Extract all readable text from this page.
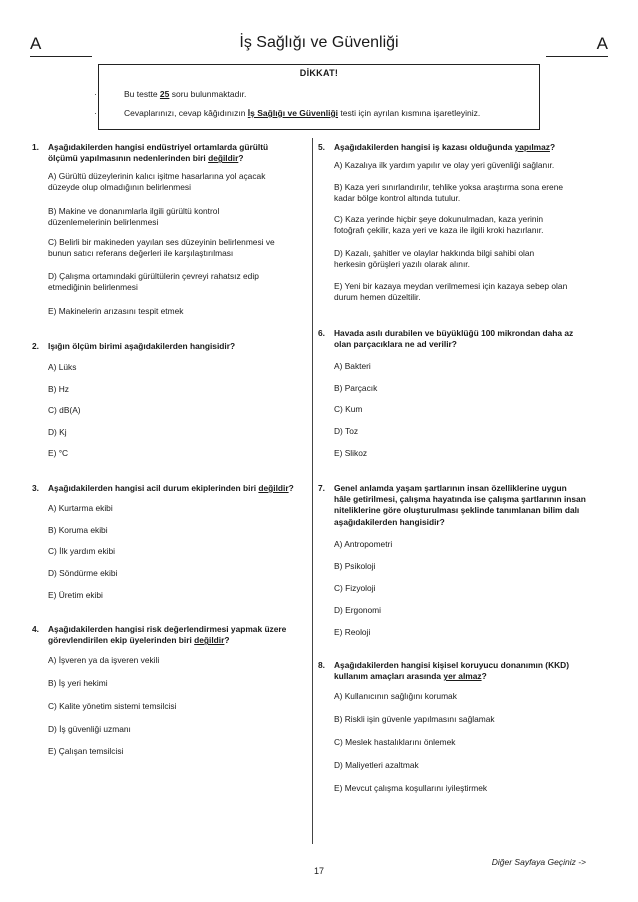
A	İş Sağlığı ve Güvenliği	A
DİKKAT!
·	Bu testte 25 soru bulunmaktadır.
·	Cevaplarınızı, cevap kâğıdınızın İş Sağlığı ve Güvenliği testi için ayrılan kısmına işaretleyiniz.
1. Aşağıdakilerden hangisi endüstriyel ortamlarda gürültü
ölçümü yapılmasının nedenlerinden biri değildir?
A) Gürültü düzeylerinin kalıcı işitme hasarlarına yol açacak
düzeyde olup olmadığının belirlenmesi
B) Makine ve donanımlarla ilgili gürültü kontrol
düzenlemelerinin belirlenmesi
C) Belirli bir makineden yayılan ses düzeyinin belirlenmesi ve
bunun satıcı referans değerleri ile karşılaştırılması
D) Çalışma ortamındaki gürültülerin çevreyi rahatsız edip
etmediğinin belirlenmesi
E) Makinelerin arızasını tespit etmek
2. Işığın ölçüm birimi aşağıdakilerden hangisidir?
A) Lüks
B) Hz
C) dB(A)
D) Kj
E) °C
3. Aşağıdakilerden hangisi acil durum ekiplerinden biri değildir?
A) Kurtarma ekibi
B) Koruma ekibi
C) İlk yardım ekibi
D) Söndürme ekibi
E) Üretim ekibi
4. Aşağıdakilerden hangisi risk değerlendirmesi yapmak üzere
görevlendirilen ekip üyelerinden biri değildir?
A) İşveren ya da işveren vekili
B) İş yeri hekimi
C) Kalite yönetim sistemi temsilcisi
D) İş güvenliği uzmanı
E) Çalışan temsilcisi
5. Aşağıdakilerden hangisi iş kazası olduğunda yapılmaz?
A) Kazalıya ilk yardım yapılır ve olay yeri güvenliği sağlanır.
B) Kaza yeri sınırlandırılır, tehlike yoksa araştırma sona erene
kadar bölge kontrol altında tutulur.
C) Kaza yerinde hiçbir şeye dokunulmadan, kaza yerinin
fotoğrafı çekilir, kaza yeri ve kaza ile ilgili kroki hazırlanır.
D) Kazalı, şahitler ve olaylar hakkında bilgi sahibi olan
herkesin görüşleri yazılı olarak alınır.
E) Yeni bir kazaya meydan verilmemesi için kazaya sebep olan
durum hemen düzeltilir.
6. Havada asılı durabilen ve büyüklüğü 100 mikrondan daha az
olan parçacıklara ne ad verilir?
A) Bakteri
B) Parçacık
C) Kum
D) Toz
E) Slikoz
7. Genel anlamda yaşam şartlarının insan özelliklerine uygun
hâle getirilmesi, çalışma hayatında ise çalışma şartlarının insan
niteliklerine göre oluşturulması şeklinde tanımlanan bilim dalı
aşağıdakilerden hangisidir?
A) Antropometri
B) Psikoloji
C) Fizyoloji
D) Ergonomi
E) Reoloji
8. Aşağıdakilerden hangisi kişisel koruyucu donanımın (KKD)
kullanım amaçları arasında yer almaz?
A) Kullanıcının sağlığını korumak
B) Riskli işin güvenle yapılmasını sağlamak
C) Meslek hastalıklarını önlemek
D) Maliyetleri azaltmak
E) Mevcut çalışma koşullarını iyileştirmek
Diğer Sayfaya Geçiniz ->
17
